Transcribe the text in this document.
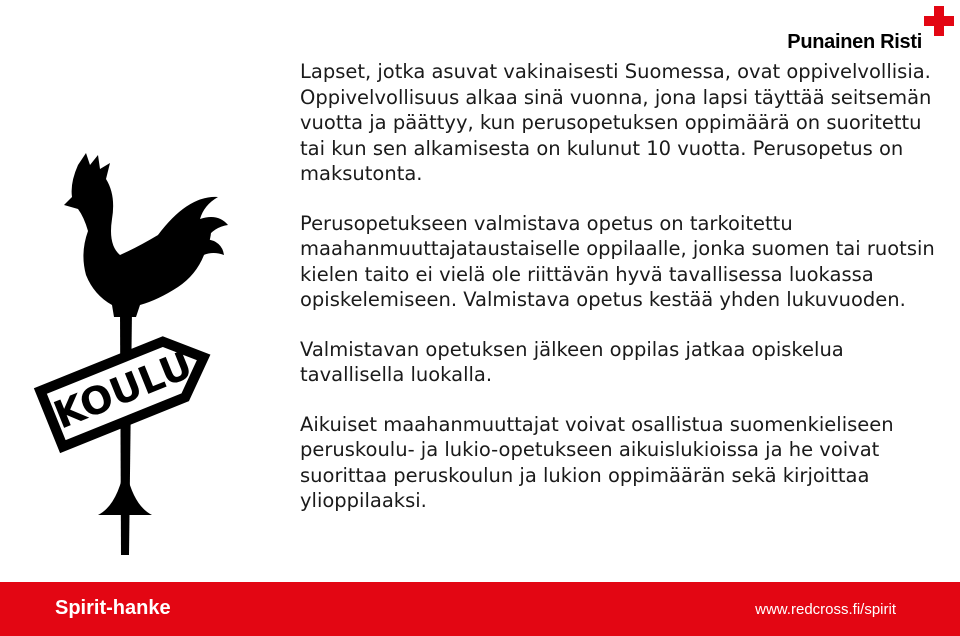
Punainen Risti
KOULU

Lapset, jotka asuvat vakinaisesti Suomessa, ovat oppivelvollisia. Oppivelvollisuus alkaa sinä vuonna, jona lapsi täyttää seitsemän vuotta ja päättyy, kun perusopetuksen oppimäärä on suoritettu tai kun sen alkamisesta on kulunut 10 vuotta. Perusopetus on maksutonta.

Perusopetukseen valmistava opetus on tarkoitettu maahanmuuttajataustaiselle oppilaalle, jonka suomen tai ruotsin kielen taito ei vielä ole riittävän hyvä tavallisessa luokassa opiskelemiseen. Valmistava opetus kestää yhden lukuvuoden.

Valmistavan opetuksen jälkeen oppilas jatkaa opiskelua tavallisella luokalla.

Aikuiset maahanmuuttajat voivat osallistua suomenkieliseen peruskoulu- ja lukio-opetukseen aikuislukioissa ja he voivat suorittaa peruskoulun ja lukion oppimäärän sekä kirjoittaa ylioppilaaksi.

Spirit-hanke	www.redcross.fi/spirit
